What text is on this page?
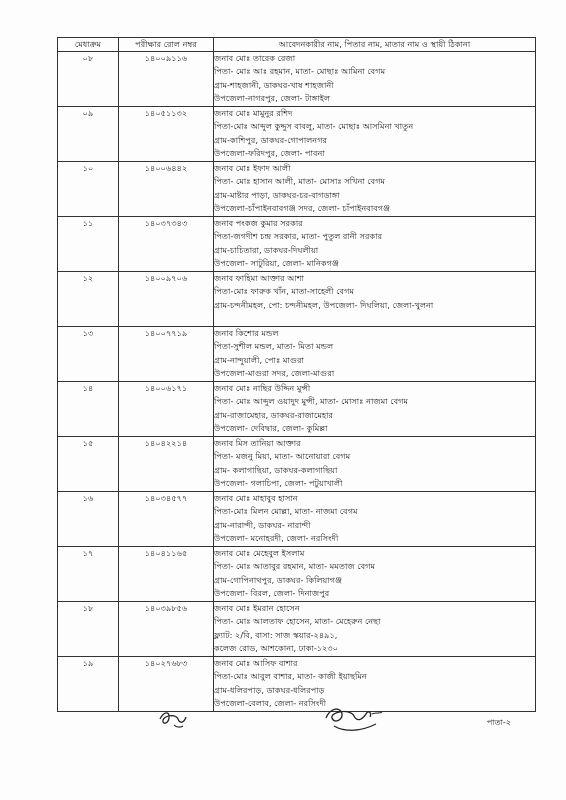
মেধাক্রম	পরীক্ষার রোল নম্বর	আবেদনকারীর নাম, পিতার নাম, মাতার নাম ও স্থায়ী ঠিকানা
০৮	১৪০০৯১১৬	জনাব মোঃ তারেক রেজা
পিতা- মোঃ আঃ রহমান, মাতা- মোছাঃ আমিনা বেগম
গ্রাম-শাহজানী, ডাকঘর-খাষ শাহজানী
উপজেলা-নাগরপুর, জেলা- টাঙ্গাইল

০৯	১৪০৫১১৩২	জনাব মোঃ মামুনুর রশিদ
পিতা-মোঃ আব্দুল কুদ্দুস বাবলু, মাতা- মোছাঃ আসমিনা খাতুন
গ্রাম-কাশিপুর, ডাকঘর-গোপালনগর
উপজেলা-ফরিদপুর, জেলা- পাবনা

১০	১৪০০৬৪৪২	জনাব মোঃ ইফাদ আলী
পিতা- মোঃ হাসান আলী, মাতা- মোসাঃ সখিনা বেগম
গ্রাম-মাষ্টার পাড়া, ডাকঘর-চর-বাগডাঙ্গা
উপজেলা-চাঁপাইনবাবগঞ্জ সদর, জেলা- চাঁপাইনবাবগঞ্জ

১১	১৪০৩৭৩৪৩	জনাব পংকজ কুমার সরকার
পিতা-জগদীশ চন্দ্র সরকার, মাতা- পুতুল রানী সরকার
গ্রাম-চাচিতারা, ডাকঘর-দিঘলীয়া
উপজেলা- সাটুরিয়া, জেলা- মানিকগঞ্জ

১২	১৪০০৯৭০৬	জনাব ফাহিমা আক্তার আশা
পিতা-মোঃ ফারুক খাঁন, মাতা-সাহেলী বেগম
গ্রাম-চন্দনীমহল, পো: চন্দনীমহল, উপজেলা- দিঘলিয়া, জেলা-খুলনা

১৩	১৪০০৭৭১৯	জনাব কিশোর মন্ডল
পিতা-সুশীল মন্ডল, মাতা- মিতা মন্ডল
গ্রাম-নান্দুয়ালী, পোঃ মাগুরা
উপজেলা-মাগুরা সদর, জেলা-মাগুরা

১৪	১৪০০৬১৭১	জনাব মোঃ নাছির উদ্দিন মুন্সী
পিতা- মোঃ আব্দুল ওয়াদুদ মুন্সী, মাতা- মোসাঃ নাজমা বেগম
গ্রাম-রাজামেহার, ডাকঘর-রাজামেহার
উপজেলা- দেবিদ্বার, জেলা- কুমিল্লা

১৫	১৪০৪২২১৪	জনাব মিস তানিয়া আক্তার
পিতা- মজনু মিয়া, মাতা- আনোয়ারা বেগম
গ্রাম- কলাগাছিয়া, ডাকঘর-কলাগাছিয়া
উপজেলা- গলাচিপা, জেলা- পটুয়াখালী

১৬	১৪০৩৪৫৭৭	জনাব মোঃ মাহাবুব হাসান
পিতা-মোঃ মিলন মোল্লা, মাতা- নাজমা বেগম
গ্রাম-নারান্দী, ডাকঘর- নারান্দী
উপজেলা- মনোহরদী, জেলা- নরসিংদী

১৭	১৪০৪১১৬৫	জনাব মোঃ মেহেবুল ইসলাম
পিতা- মোঃ আতাবুর রহমান, মাতা- মমতাজ বেগম
গ্রাম-গোপিনাথপুর, ডাকঘর- কিলিয়াগঞ্জ
উপজেলা- বিরল, জেলা- দিনাজপুর

১৮	১৪০৩৯৮৫৬	জনাব মোঃ ইমরান হোসেন
পিতা- মোঃ আলতাফ হোসেন, মাতা- মেহেরুন নেছা
ফ্ল্যাট: ২/বি, বাসা: সাজ স্কয়ার-২৪৯১,
কলেজ রোড, আশকোনা, ঢাকা-১২৩০

১৯	১৪০২৭৬৮৩	জনাব মোঃ আসিফ বাশার
পিতা-মোঃ আবুল বাশার, মাতা- কাজী ইয়াছমিন
গ্রাম-ধলিরপাড়, ডাকঘর-ধলিরপাড়
উপজেলা-বেলাব, জেলা- নরসিংদী
পাতা-২
